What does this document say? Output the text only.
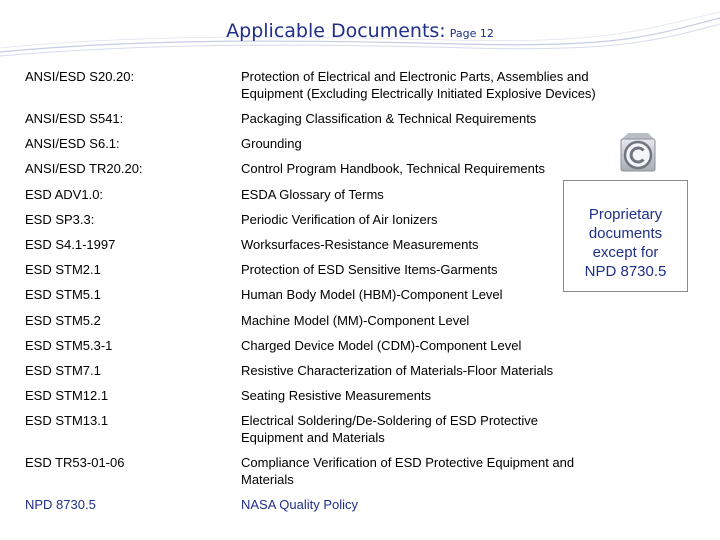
Applicable Documents: Page 12
ANSI/ESD S20.20:	Protection of Electrical and Electronic Parts, Assemblies and
Equipment (Excluding Electrically Initiated Explosive Devices)
ANSI/ESD S541:	Packaging Classification & Technical Requirements
ANSI/ESD S6.1:	Grounding
ANSI/ESD TR20.20:	Control Program Handbook, Technical Requirements
ESD ADV1.0:	ESDA Glossary of Terms
ESD SP3.3:	Periodic Verification of Air Ionizers
ESD S4.1-1997	Worksurfaces-Resistance Measurements
ESD STM2.1	Protection of ESD Sensitive Items-Garments
ESD STM5.1	Human Body Model (HBM)-Component Level
ESD STM5.2	Machine Model (MM)-Component Level
ESD STM5.3-1	Charged Device Model (CDM)-Component Level
ESD STM7.1	Resistive Characterization of Materials-Floor Materials
ESD STM12.1	Seating Resistive Measurements
ESD STM13.1	Electrical Soldering/De-Soldering of ESD Protective
Equipment and Materials
ESD TR53-01-06	Compliance Verification of ESD Protective Equipment and
Materials
NPD 8730.5	NASA Quality Policy
Proprietary
documents
except for
NPD 8730.5
